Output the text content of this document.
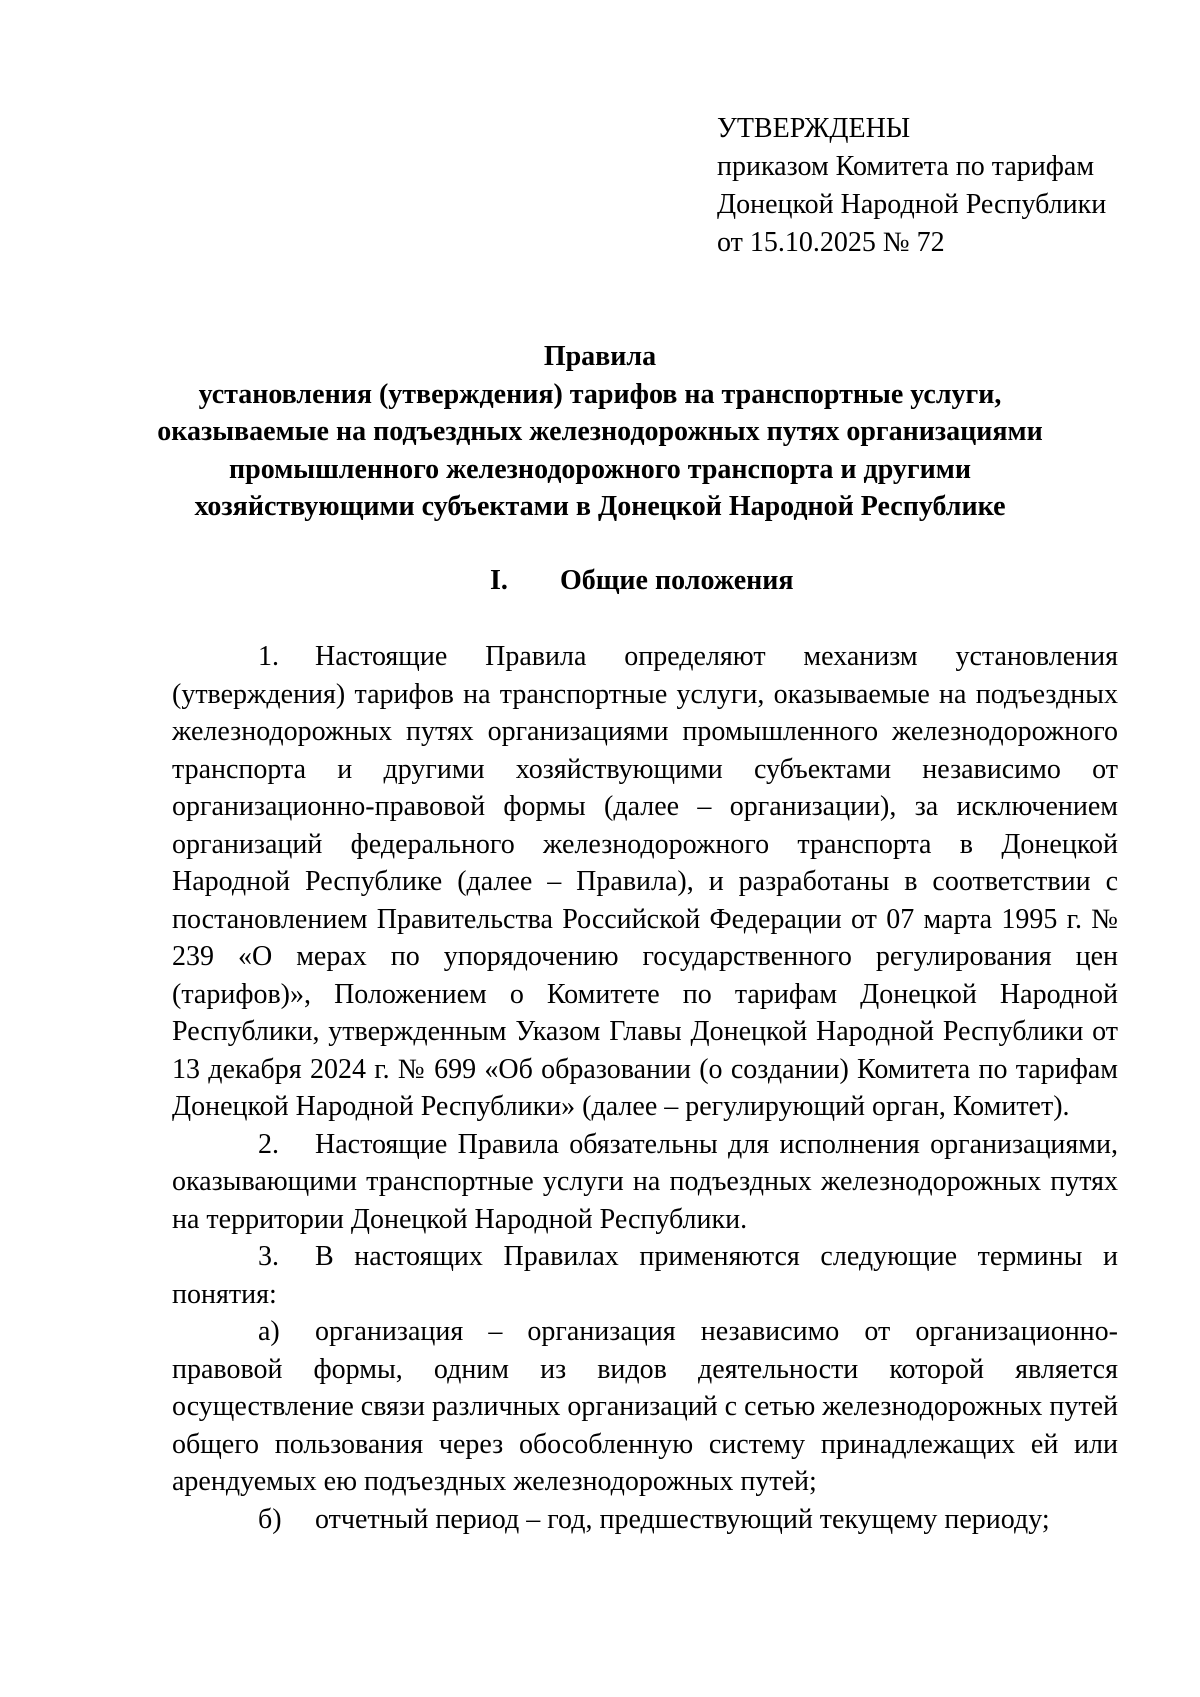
УТВЕРЖДЕНЫ
приказом Комитета по тарифам
Донецкой Народной Республики
от 15.10.2025 № 72
Правила
установления (утверждения) тарифов на транспортные услуги,
оказываемые на подъездных железнодорожных путях организациями
промышленного железнодорожного транспорта и другими
хозяйствующими субъектами в Донецкой Народной Республике
I. Общие положения

1. Настоящие Правила определяют механизм установления (утверждения) тарифов на транспортные услуги, оказываемые на подъездных железнодорожных путях организациями промышленного железнодорожного транспорта и другими хозяйствующими субъектами независимо от организационно-правовой формы (далее – организации), за исключением организаций федерального железнодорожного транспорта в Донецкой Народной Республике (далее – Правила), и разработаны в соответствии с постановлением Правительства Российской Федерации от 07 марта 1995 г. № 239 «О мерах по упорядочению государственного регулирования цен (тарифов)», Положением о Комитете по тарифам Донецкой Народной Республики, утвержденным Указом Главы Донецкой Народной Республики от 13 декабря 2024 г. № 699 «Об образовании (о создании) Комитета по тарифам Донецкой Народной Республики» (далее – регулирующий орган, Комитет).

2. Настоящие Правила обязательны для исполнения организациями, оказывающими транспортные услуги на подъездных железнодорожных путях на территории Донецкой Народной Республики.

3. В настоящих Правилах применяются следующие термины и понятия:

а) организация – организация независимо от организационно-правовой формы, одним из видов деятельности которой является осуществление связи различных организаций с сетью железнодорожных путей общего пользования через обособленную систему принадлежащих ей или арендуемых ею подъездных железнодорожных путей;

б) отчетный период – год, предшествующий текущему периоду;
